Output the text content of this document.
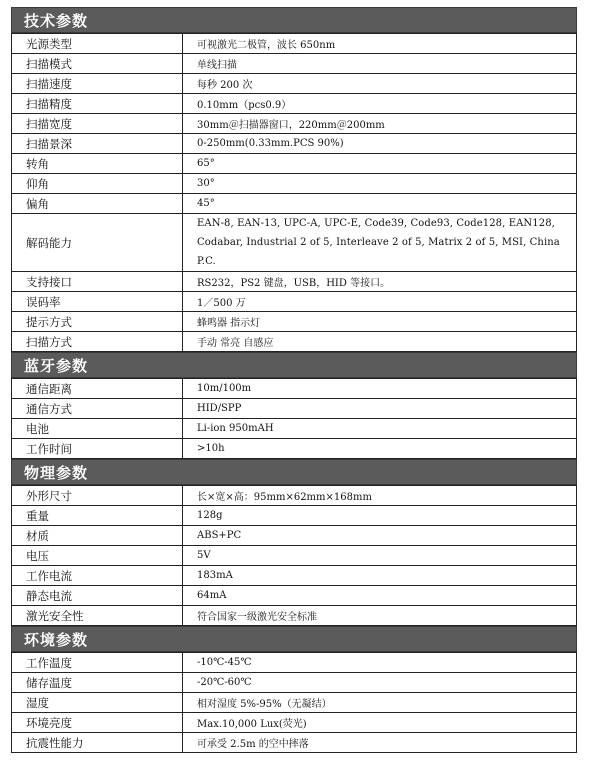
技术参数
光源类型	可视激光二极管，波长 650nm
扫描模式	单线扫描
扫描速度	每秒 200 次
扫描精度	0.10mm（pcs0.9）
扫描宽度	30mm＠扫描器窗口，220mm＠200mm
扫描景深	0-250mm(0.33mm.PCS 90%)
转角	65°
仰角	30°
偏角	45°
解码能力	EAN-8, EAN-13, UPC-A, UPC-E, Code39, Code93, Code128, EAN128, Codabar, Industrial 2 of 5, Interleave 2 of 5, Matrix 2 of 5, MSI, China P.C.
支持接口	RS232，PS2 键盘，USB，HID 等接口。
误码率	1／500 万
提示方式	蜂鸣器 指示灯
扫描方式	手动 常亮 自感应
蓝牙参数
通信距离	10m/100m
通信方式	HID/SPP
电池	Li-ion 950mAH
工作时间	>10h
物理参数
外形尺寸	长×宽×高：95mm×62mm×168mm
重量	128g
材质	ABS+PC
电压	5V
工作电流	183mA
静态电流	64mA
激光安全性	符合国家一级激光安全标准
环境参数
工作温度	-10℃-45℃
储存温度	-20℃-60℃
湿度	相对湿度 5%-95%（无凝结）
环境亮度	Max.10,000 Lux(荧光)
抗震性能力	可承受 2.5m 的空中摔落
